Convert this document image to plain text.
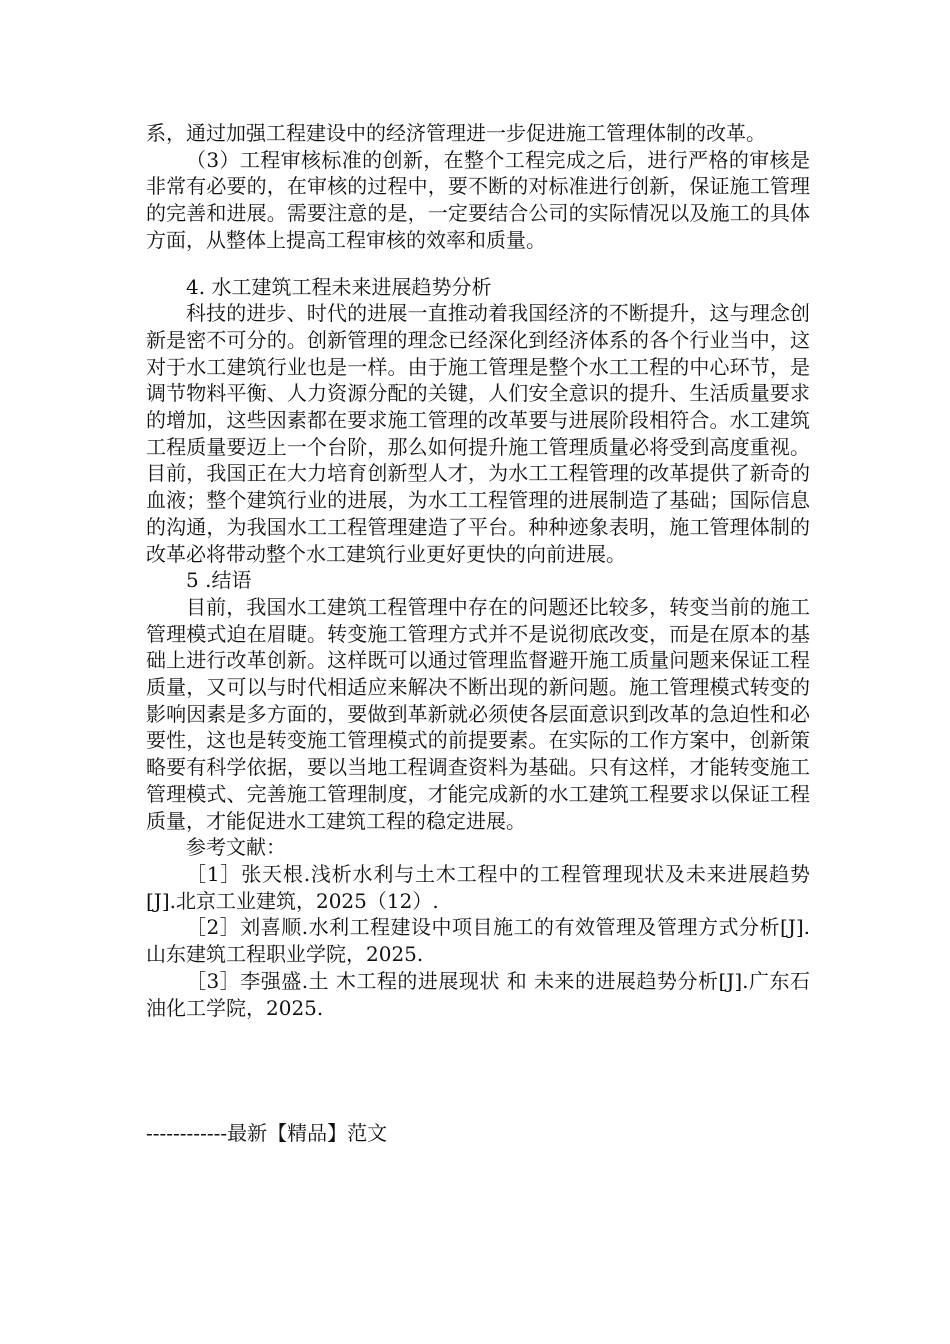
系，通过加强工程建设中的经济管理进一步促进施工管理体制的改革。

（3）工程审核标准的创新，在整个工程完成之后，进行严格的审核是非常有必要的，在审核的过程中，要不断的对标准进行创新，保证施工管理的完善和进展。需要注意的是，一定要结合公司的实际情况以及施工的具体方面，从整体上提高工程审核的效率和质量。

4. 水工建筑工程未来进展趋势分析

科技的进步、时代的进展一直推动着我国经济的不断提升，这与理念创新是密不可分的。创新管理的理念已经深化到经济体系的各个行业当中，这对于水工建筑行业也是一样。由于施工管理是整个水工工程的中心环节，是调节物料平衡、人力资源分配的关键，人们安全意识的提升、生活质量要求的增加，这些因素都在要求施工管理的改革要与进展阶段相符合。水工建筑工程质量要迈上一个台阶，那么如何提升施工管理质量必将受到高度重视。目前，我国正在大力培育创新型人才，为水工工程管理的改革提供了新奇的血液；整个建筑行业的进展，为水工工程管理的进展制造了基础；国际信息的沟通，为我国水工工程管理建造了平台。种种迹象表明，施工管理体制的改革必将带动整个水工建筑行业更好更快的向前进展。

5 .结语

目前，我国水工建筑工程管理中存在的问题还比较多，转变当前的施工管理模式迫在眉睫。转变施工管理方式并不是说彻底改变，而是在原本的基础上进行改革创新。这样既可以通过管理监督避开施工质量问题来保证工程质量，又可以与时代相适应来解决不断出现的新问题。施工管理模式转变的影响因素是多方面的，要做到革新就必须使各层面意识到改革的急迫性和必要性，这也是转变施工管理模式的前提要素。在实际的工作方案中，创新策略要有科学依据，要以当地工程调查资料为基础。只有这样，才能转变施工管理模式、完善施工管理制度，才能完成新的水工建筑工程要求以保证工程质量，才能促进水工建筑工程的稳定进展。

参考文献：

［1］张天根.浅析水利与土木工程中的工程管理现状及未来进展趋势[J].北京工业建筑，2025（12）.

［2］刘喜顺.水利工程建设中项目施工的有效管理及管理方式分析[J].山东建筑工程职业学院，2025.

［3］李强盛.土 木工程的进展现状 和 未来的进展趋势分析[J].广东石油化工学院，2025.

------------最新【精品】范文
